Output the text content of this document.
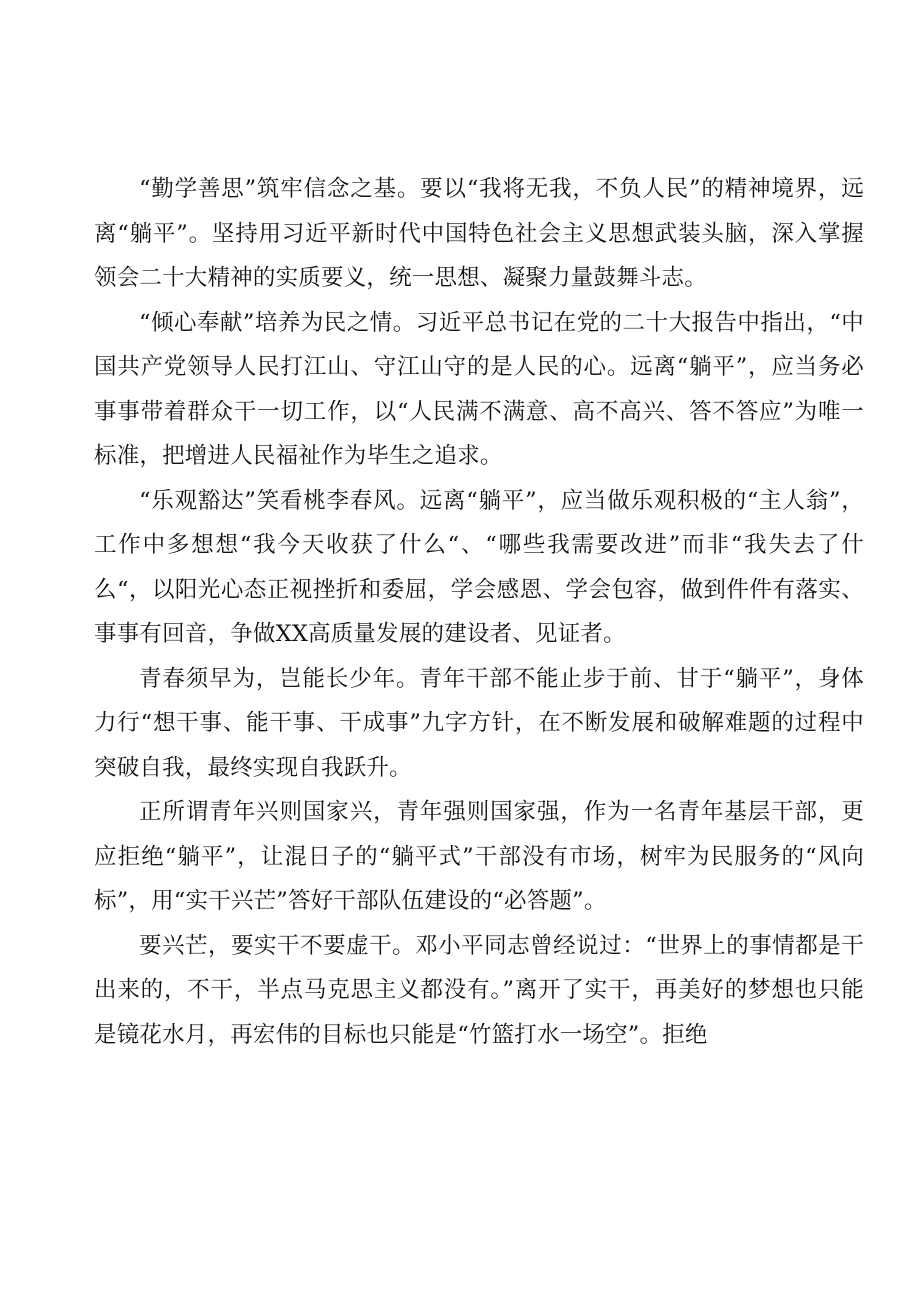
“勤学善思”筑牢信念之基。要以“我将无我，不负人民”的精神境界，远离“躺平”。坚持用习近平新时代中国特色社会主义思想武装头脑，深入掌握领会二十大精神的实质要义，统一思想、凝聚力量鼓舞斗志。

“倾心奉献”培养为民之情。习近平总书记在党的二十大报告中指出，“中国共产党领导人民打江山、守江山守的是人民的心。远离“躺平”，应当务必事事带着群众干一切工作，以“人民满不满意、高不高兴、答不答应”为唯一标准，把增进人民福祉作为毕生之追求。

“乐观豁达”笑看桃李春风。远离“躺平”，应当做乐观积极的“主人翁”，工作中多想想“我今天收获了什么“、“哪些我需要改进”而非“我失去了什么“，以阳光心态正视挫折和委屈，学会感恩、学会包容，做到件件有落实、事事有回音，争做XX高质量发展的建设者、见证者。

青春须早为，岂能长少年。青年干部不能止步于前、甘于“躺平”，身体力行“想干事、能干事、干成事”九字方针，在不断发展和破解难题的过程中突破自我，最终实现自我跃升。

正所谓青年兴则国家兴，青年强则国家强，作为一名青年基层干部，更应拒绝“躺平”，让混日子的“躺平式”干部没有市场，树牢为民服务的“风向标”，用“实干兴芒”答好干部队伍建设的“必答题”。

要兴芒，要实干不要虚干。邓小平同志曾经说过：“世界上的事情都是干出来的，不干，半点马克思主义都没有。”离开了实干，再美好的梦想也只能是镜花水月，再宏伟的目标也只能是“竹篮打水一场空”。拒绝
